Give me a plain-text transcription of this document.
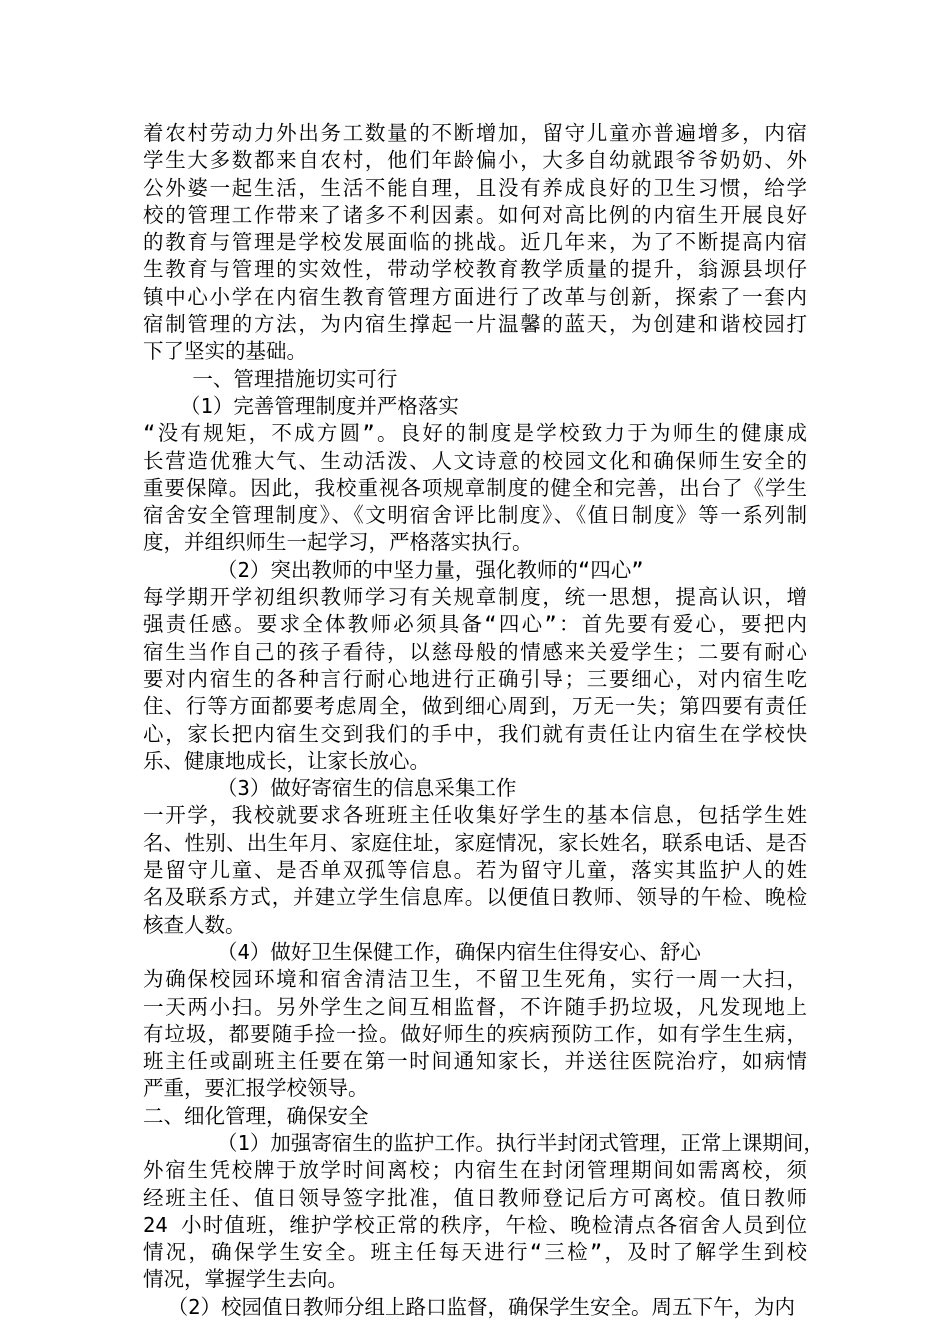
着农村劳动力外出务工数量的不断增加，留守儿童亦普遍增多，内宿
学生大多数都来自农村，他们年龄偏小，大多自幼就跟爷爷奶奶、外
公外婆一起生活，生活不能自理，且没有养成良好的卫生习惯，给学
校的管理工作带来了诸多不利因素。如何对高比例的内宿生开展良好
的教育与管理是学校发展面临的挑战。近几年来，为了不断提高内宿
生教育与管理的实效性，带动学校教育教学质量的提升，翁源县坝仔
镇中心小学在内宿生教育管理方面进行了改革与创新，探索了一套内
宿制管理的方法，为内宿生撑起一片温馨的蓝天，为创建和谐校园打
下了坚实的基础。
一、管理措施切实可行
（1）完善管理制度并严格落实
“没有规矩，不成方圆”。良好的制度是学校致力于为师生的健康成
长营造优雅大气、生动活泼、人文诗意的校园文化和确保师生安全的
重要保障。因此，我校重视各项规章制度的健全和完善，出台了《学生
宿舍安全管理制度》、《文明宿舍评比制度》、《值日制度》等一系列制
度，并组织师生一起学习，严格落实执行。
（2）突出教师的中坚力量，强化教师的“四心”
每学期开学初组织教师学习有关规章制度，统一思想，提高认识，增
强责任感。要求全体教师必须具备“四心”：首先要有爱心，要把内
宿生当作自己的孩子看待，以慈母般的情感来关爱学生；二要有耐心
要对内宿生的各种言行耐心地进行正确引导；三要细心，对内宿生吃
住、行等方面都要考虑周全，做到细心周到，万无一失；第四要有责任
心，家长把内宿生交到我们的手中，我们就有责任让内宿生在学校快
乐、健康地成长，让家长放心。
（3）做好寄宿生的信息采集工作
一开学，我校就要求各班班主任收集好学生的基本信息，包括学生姓
名、性别、出生年月、家庭住址，家庭情况，家长姓名，联系电话、是否
是留守儿童、是否单双孤等信息。若为留守儿童，落实其监护人的姓
名及联系方式，并建立学生信息库。以便值日教师、领导的午检、晚检
核查人数。
（4）做好卫生保健工作，确保内宿生住得安心、舒心
为确保校园环境和宿舍清洁卫生，不留卫生死角，实行一周一大扫，
一天两小扫。另外学生之间互相监督，不许随手扔垃圾，凡发现地上
有垃圾，都要随手捡一捡。做好师生的疾病预防工作，如有学生生病，
班主任或副班主任要在第一时间通知家长，并送往医院治疗，如病情
严重，要汇报学校领导。
二、细化管理，确保安全
（1）加强寄宿生的监护工作。执行半封闭式管理，正常上课期间，
外宿生凭校牌于放学时间离校；内宿生在封闭管理期间如需离校，须
经班主任、值日领导签字批准，值日教师登记后方可离校。值日教师
24 小时值班，维护学校正常的秩序，午检、晚检清点各宿舍人员到位
情况，确保学生安全。班主任每天进行“三检”，及时了解学生到校
情况，掌握学生去向。
（2）校园值日教师分组上路口监督，确保学生安全。周五下午，为内
